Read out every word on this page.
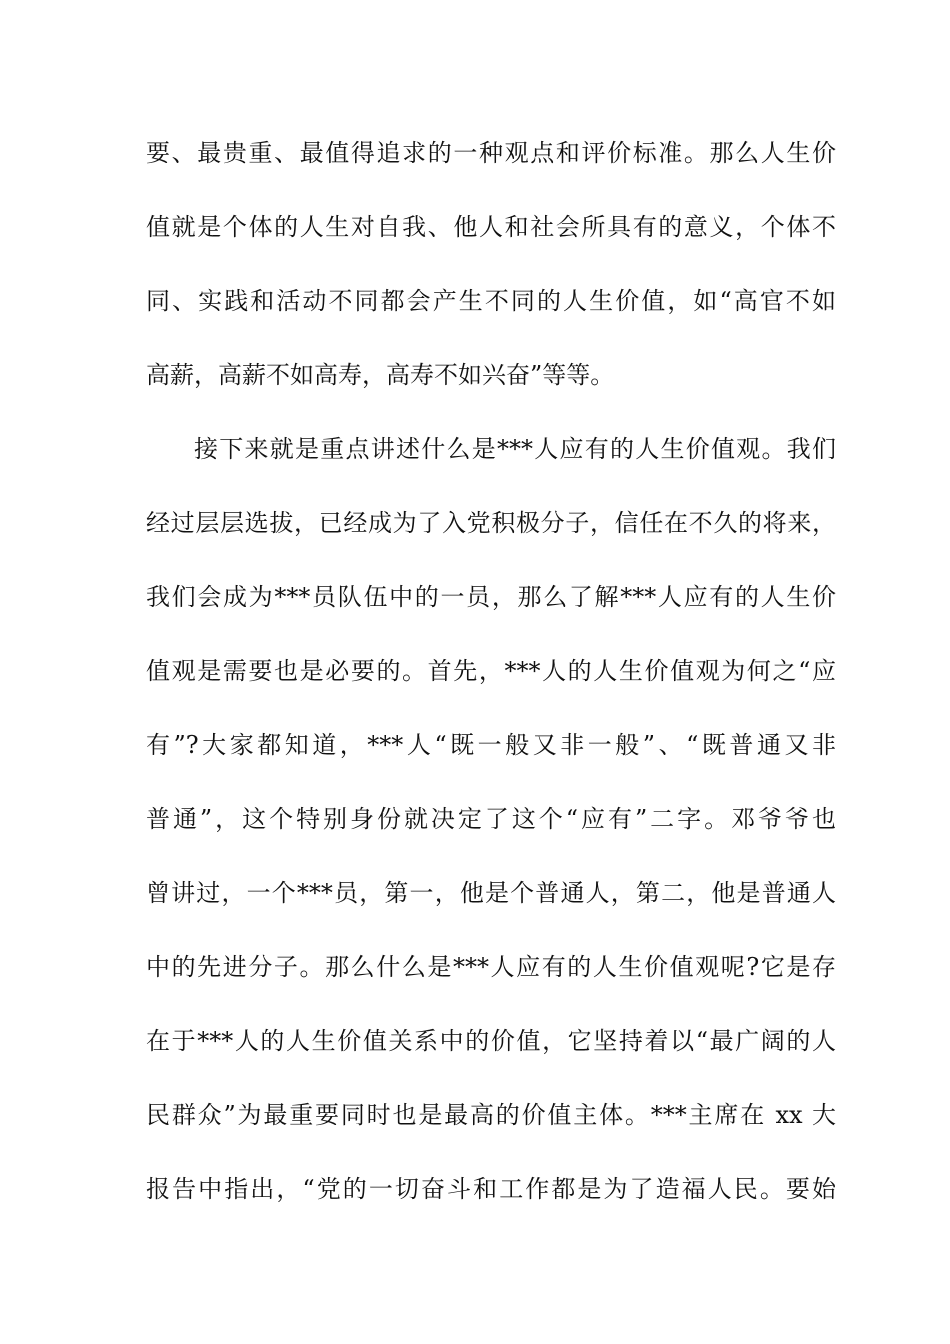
要、最贵重、最值得追求的一种观点和评价标准。那么人生价
值就是个体的人生对自我、他人和社会所具有的意义，个体不
同、实践和活动不同都会产生不同的人生价值，如“高官不如
高薪，高薪不如高寿，高寿不如兴奋”等等。
接下来就是重点讲述什么是***人应有的人生价值观。我们
经过层层选拔，已经成为了入党积极分子，信任在不久的将来，
我们会成为***员队伍中的一员，那么了解***人应有的人生价
值观是需要也是必要的。首先，***人的人生价值观为何之“应
有”?大家都知道，***人“既一般又非一般”、“既普通又非
普通”，这个特别身份就决定了这个“应有”二字。邓爷爷也
曾讲过，一个***员，第一，他是个普通人，第二，他是普通人
中的先进分子。那么什么是***人应有的人生价值观呢?它是存
在于***人的人生价值关系中的价值，它坚持着以“最广阔的人
民群众”为最重要同时也是最高的价值主体。***主席在 xx 大
报告中指出，“党的一切奋斗和工作都是为了造福人民。要始
